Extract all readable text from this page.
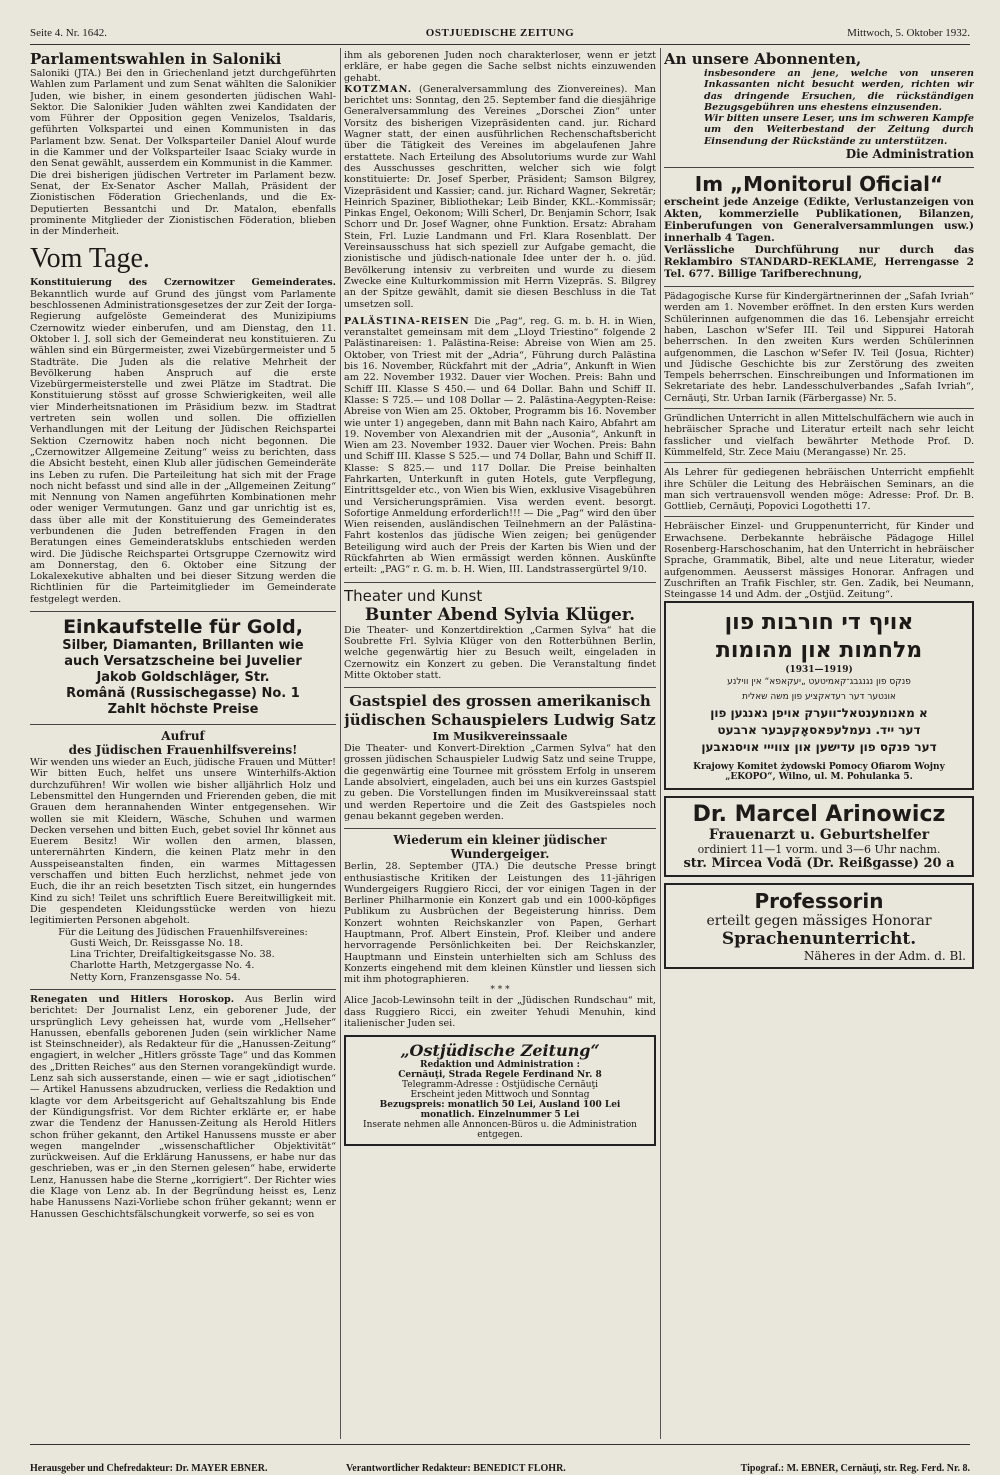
Seite 4. Nr. 1642.	OSTJUEDISCHE ZEITUNG	Mittwoch, 5. Oktober 1932.
Parlamentswahlen in Saloniki

Saloniki (JTA.) Bei den in Griechenland jetzt durchgeführten Wahlen zum Parlament und zum Senat wählten die Salonikier Juden, wie bisher, in einem gesonderten jüdischen Wahl-Sektor. Die Salonikier Juden wählten zwei Kandidaten der vom Führer der Opposition gegen Venizelos, Tsaldaris, geführten Volkspartei und einen Kommunisten in das Parlament bzw. Senat. Der Volksparteiler Daniel Alouf wurde in die Kammer und der Volksparteiler Isaac Sciaky wurde in den Senat gewählt, ausserdem ein Kommunist in die Kammer.

Die drei bisherigen jüdischen Vertreter im Parlament bezw. Senat, der Ex-Senator Ascher Mallah, Präsident der Zionistischen Föderation Griechenlands, und die Ex-Deputierten Bessantchi und Dr. Matalon, ebenfalls prominente Mitglieder der Zionistischen Föderation, blieben in der Minderheit.

Vom Tage.

Konstituierung des Czernowitzer Gemeinderates. Bekanntlich wurde auf Grund des jüngst vom Parlamente beschlossenen Administrationsgesetzes der zur Zeit der Iorga-Regierung aufgelöste Gemeinderat des Munizipiums Czernowitz wieder einberufen, und am Dienstag, den 11. Oktober l. J. soll sich der Gemeinderat neu konstituieren. Zu wählen sind ein Bürgermeister, zwei Vizebürgermeister und 5 Stadträte. Die Juden als die relative Mehrheit der Bevölkerung haben Anspruch auf die erste Vizebürgermeisterstelle und zwei Plätze im Stadtrat. Die Konstituierung stösst auf grosse Schwierigkeiten, weil alle vier Minderheitsnationen im Präsidium bezw. im Stadtrat vertreten sein wollen und sollen. Die offiziellen Verhandlungen mit der Leitung der Jüdischen Reichspartei Sektion Czernowitz haben noch nicht begonnen. Die „Czernowitzer Allgemeine Zeitung“ weiss zu berichten, dass die Absicht besteht, einen Klub aller jüdischen Gemeinderäte ins Leben zu rufen. Die Parteileitung hat sich mit der Frage noch nicht befasst und sind alle in der „Allgemeinen Zeitung“ mit Nennung von Namen angeführten Kombinationen mehr oder weniger Vermutungen. Ganz und gar unrichtig ist es, dass über alle mit der Konstituierung des Gemeinderates verbundenen die Juden betreffenden Fragen in den Beratungen eines Gemeinderatsklubs entschieden werden wird. Die Jüdische Reichspartei Ortsgruppe Czernowitz wird am Donnerstag, den 6. Oktober eine Sitzung der Lokalexekutive abhalten und bei dieser Sitzung werden die Richtlinien für die Parteimitglieder im Gemeinderate festgelegt werden.

Einkaufstelle für Gold,
Silber, Diamanten, Brillanten wie
auch Versatzscheine bei Juvelier
Jakob Goldschläger, Str.
Română (Russischegasse) No. 1
Zahlt höchste Preise
Aufruf
des Jüdischen Frauenhilfsvereins!

Wir wenden uns wieder an Euch, jüdische Frauen und Mütter! Wir bitten Euch, helfet uns unsere Winterhilfs-Aktion durchzuführen! Wir wollen wie bisher alljährlich Holz und Lebensmittel den Hungernden und Frierenden geben, die mit Grauen dem herannahenden Winter entgegensehen. Wir wollen sie mit Kleidern, Wäsche, Schuhen und warmen Decken versehen und bitten Euch, gebet soviel Ihr könnet aus Euerem Besitz! Wir wollen den armen, blassen, unterernährten Kindern, die keinen Platz mehr in den Ausspeiseanstalten finden, ein warmes Mittagessen verschaffen und bitten Euch herzlichst, nehmet jede von Euch, die ihr an reich besetzten Tisch sitzet, ein hungerndes Kind zu sich! Teilet uns schriftlich Euere Bereitwilligkeit mit. Die gespendeten Kleidungsstücke werden von hiezu legitimierten Personen abgeholt.

Für die Leitung des Jüdischen Frauenhilfsvereines:

Gusti Weich, Dr. Reissgasse No. 18.
Lina Trichter, Dreifaltigkeitsgasse No. 38.
Charlotte Harth, Metzgergasse No. 4.
Netty Korn, Franzensgasse No. 54.

Renegaten und Hitlers Horoskop. Aus Berlin wird berichtet: Der Journalist Lenz, ein geborener Jude, der ursprünglich Levy geheissen hat, wurde vom „Hellseher“ Hanussen, ebenfalls geborenen Juden (sein wirklicher Name ist Steinschneider), als Redakteur für die „Hanussen-Zeitung“ engagiert, in welcher „Hitlers grösste Tage“ und das Kommen des „Dritten Reiches“ aus den Sternen vorangekündigt wurde. Lenz sah sich ausserstande, einen — wie er sagt „idiotischen“ — Artikel Hanussens abzudrucken, verliess die Redaktion und klagte vor dem Arbeitsgericht auf Gehaltszahlung bis Ende der Kündigungsfrist. Vor dem Richter erklärte er, er habe zwar die Tendenz der Hanussen-Zeitung als Herold Hitlers schon früher gekannt, den Artikel Hanussens musste er aber wegen mangelnder „wissenschaftlicher Objektivität“ zurückweisen. Auf die Erklärung Hanussens, er habe nur das geschrieben, was er „in den Sternen gelesen“ habe, erwiderte Lenz, Hanussen habe die Sterne „korrigiert“. Der Richter wies die Klage von Lenz ab. In der Begründung heisst es, Lenz habe Hanussens Nazi-Vorliebe schon früher gekannt; wenn er Hanussen Geschichtsfälschungkeit vorwerfe, so sei es von

ihm als geborenen Juden noch charakterloser, wenn er jetzt erkläre, er habe gegen die Sache selbst nichts einzuwenden gehabt.

KOTZMAN. (Generalversammlung des Zionvereines). Man berichtet uns: Sonntag, den 25. September fand die diesjährige Generalversammlung des Vereines „Dorschei Zion“ unter Vorsitz des bisherigen Vizepräsidenten cand. jur. Richard Wagner statt, der einen ausführlichen Rechenschaftsbericht über die Tätigkeit des Vereines im abgelaufenen Jahre erstattete. Nach Erteilung des Absolutoriums wurde zur Wahl des Ausschusses geschritten, welcher sich wie folgt konstituierte: Dr. Josef Sperber, Präsident; Samson Bilgrey, Vizepräsident und Kassier; cand. jur. Richard Wagner, Sekretär; Heinrich Spaziner, Bibliothekar; Leib Binder, KKL.-Kommissär; Pinkas Engel, Oekonom; Willi Scherl, Dr. Benjamin Schorr, Isak Schorr und Dr. Josef Wagner, ohne Funktion. Ersatz: Abraham Stein, Frl. Luzie Landmann und Frl. Klara Rosenblatt. Der Vereinsausschuss hat sich speziell zur Aufgabe gemacht, die zionistische und jüdisch-nationale Idee unter der h. o. jüd. Bevölkerung intensiv zu verbreiten und wurde zu diesem Zwecke eine Kulturkommission mit Herrn Vizepräs. S. Bilgrey an der Spitze gewählt, damit sie diesen Beschluss in die Tat umsetzen soll.

PALÄSTINA-REISEN Die „Pag“, reg. G. m. b. H. in Wien, veranstaltet gemeinsam mit dem „Lloyd Triestino“ folgende 2 Palästinareisen: 1. Palästina-Reise: Abreise von Wien am 25. Oktober, von Triest mit der „Adria“, Führung durch Palästina bis 16. November, Rückfahrt mit der „Adria“, Ankunft in Wien am 22. November 1932. Dauer vier Wochen. Preis: Bahn und Schiff III. Klasse S 450.— und 64 Dollar. Bahn und Schiff II. Klasse: S 725.— und 108 Dollar — 2. Palästina-Aegypten-Reise: Abreise von Wien am 25. Oktober, Programm bis 16. November wie unter 1) angegeben, dann mit Bahn nach Kairo, Abfahrt am 19. November von Alexandrien mit der „Ausonia“, Ankunft in Wien am 23. November 1932. Dauer vier Wochen. Preis: Bahn und Schiff III. Klasse S 525.— und 74 Dollar, Bahn und Schiff II. Klasse: S 825.— und 117 Dollar. Die Preise beinhalten Fahrkarten, Unterkunft in guten Hotels, gute Verpflegung, Eintrittsgelder etc., von Wien bis Wien, exklusive Visagebühren und Versicherungsprämien. Visa werden event. besorgt. Sofortige Anmeldung erforderlich!!! — Die „Pag“ wird den über Wien reisenden, ausländischen Teilnehmern an der Palästina-Fahrt kostenlos das jüdische Wien zeigen; bei genügender Beteiligung wird auch der Preis der Karten bis Wien und der Rückfahrten ab Wien ermässigt werden können. Auskünfte erteilt: „PAG“ r. G. m. b. H. Wien, III. Landstrassergürtel 9/10.

Theater und Kunst
Bunter Abend Sylvia Klüger.

Die Theater- und Konzertdirektion „Carmen Sylva“ hat die Soubrette Frl. Sylvia Klüger von den Rotterbühnen Berlin, welche gegenwärtig hier zu Besuch weilt, eingeladen in Czernowitz ein Konzert zu geben. Die Veranstaltung findet Mitte Oktober statt.

Gastspiel des grossen amerikanisch jüdischen Schauspielers Ludwig Satz
Im Musikvereinssaale

Die Theater- und Konvert-Direktion „Carmen Sylva“ hat den grossen jüdischen Schauspieler Ludwig Satz und seine Truppe, die gegenwärtig eine Tournee mit grösstem Erfolg in unserem Lande absolviert, eingeladen, auch bei uns ein kurzes Gastspiel zu geben. Die Vorstellungen finden im Musikvereinssaal statt und werden Repertoire und die Zeit des Gastspieles noch genau bekannt gegeben werden.

Wiederum ein kleiner jüdischer Wundergeiger.

Berlin, 28. September (JTA.) Die deutsche Presse bringt enthusiastische Kritiken der Leistungen des 11-jährigen Wundergeigers Ruggiero Ricci, der vor einigen Tagen in der Berliner Philharmonie ein Konzert gab und ein 1000-köpfiges Publikum zu Ausbrüchen der Begeisterung hinriss. Dem Konzert wohnten Reichskanzler von Papen, Gerhart Hauptmann, Prof. Albert Einstein, Prof. Kleiber und andere hervorragende Persönlichkeiten bei. Der Reichskanzler, Hauptmann und Einstein unterhielten sich am Schluss des Konzerts eingehend mit dem kleinen Künstler und liessen sich mit ihm photographieren.

* * *

Alice Jacob-Lewinsohn teilt in der „Jüdischen Rundschau“ mit, dass Ruggiero Ricci, ein zweiter Yehudi Menuhin, kind italienischer Juden sei.

„Ostjüdische Zeitung“
Redaktion und Administration :
Cernăuţi, Strada Regele Ferdinand Nr. 8
Telegramm-Adresse : Ostjüdische Cernăuţi
Erscheint jeden Mittwoch und Sonntag
Bezugspreis: monatlich 50 Lei, Ausland 100 Lei
monatlich. Einzelnummer 5 Lei
Inserate nehmen alle Annoncen-Büros u. die Administration entgegen.
An unsere Abonnenten,

insbesondere an jene, welche von unseren Inkassanten nicht besucht werden, richten wir das dringende Ersuchen, die rückständigen Bezugsgebühren uns ehestens einzusenden.

Wir bitten unsere Leser, uns im schweren Kampfe um den Weiterbestand der Zeitung durch Einsendung der Rückstände zu unterstützen.

Die Administration
Im „Monitorul Oficial“

erscheint jede Anzeige (Edikte, Verlustanzeigen von Akten, kommerzielle Publikationen, Bilanzen, Einberufungen von Generalversammlungen usw.) innerhalb 4 Tagen.

Verlässliche Durchführung nur durch das Reklambiro STANDARD-REKLAME, Herrengasse 2 Tel. 677. Billige Tarifberechnung,

Pädagogische Kurse für Kindergärtnerinnen der „Safah Ivriah“ werden am 1. November eröffnet. In den ersten Kurs werden Schülerinnen aufgenommen die das 16. Lebensjahr erreicht haben, Laschon w'Sefer III. Teil und Sippurei Hatorah beherrschen. In den zweiten Kurs werden Schülerinnen aufgenommen, die Laschon w'Sefer IV. Teil (Josua, Richter) und Jüdische Geschichte bis zur Zerstörung des zweiten Tempels beherrschen. Einschreibungen und Informationen im Sekretariate des hebr. Landesschulverbandes „Safah Ivriah“, Cernăuţi, Str. Urban Iarnik (Färbergasse) Nr. 5.

Gründlichen Unterricht in allen Mittelschulfächern wie auch in hebräischer Sprache und Literatur erteilt nach sehr leicht fasslicher und vielfach bewährter Methode Prof. D. Kümmelfeld, Str. Zece Maiu (Merangasse) Nr. 25.

Als Lehrer für gediegenen hebräischen Unterricht empfiehlt ihre Schüler die Leitung des Hebräischen Seminars, an die man sich vertrauensvoll wenden möge: Adresse: Prof. Dr. B. Gottlieb, Cernăuţi, Popovici Logothetti 17.

Hebräischer Einzel- und Gruppenunterricht, für Kinder und Erwachsene. Derbekannte hebräische Pädagoge Hillel Rosenberg-Harschoschanim, hat den Unterricht in hebräischer Sprache, Grammatik, Bibel, alte und neue Literatur, wieder aufgenommen. Aeusserst mässiges Honorar. Anfragen und Zuschriften an Trafik Fischler, str. Gen. Zadik, bei Neumann, Steingasse 14 und Adm. der „Ostjüd. Zeitung“.

אויף די חורבות פון
מלחמות און מהומות
(1931—1919)
פנקס פון נגנגבג־קאמיטעט „יעקאפא“ אין ווילנע
אונטער דער רעדאקציע פון משה שאלית
א מאנומענטאל־ווערק אויפן גאנגען פון
דער ייד. נעמלעפאסאָקעבער ארבעט
דער פנקס פון עדישען און צווייי אויסגאבען
Krajowy Komitet żydowski Pomocy Ofiarom Wojny „EKOPO“, Wilno, ul. M. Pohulanka 5.
Dr. Marcel Arinowicz
Frauenarzt u. Geburtshelfer
ordiniert 11—1 vorm. und 3—6 Uhr nachm.
str. Mircea Vodă (Dr. Reißgasse) 20 a
Professorin
erteilt gegen mässiges Honorar
Sprachenunterricht.
Näheres in der Adm. d. Bl.
Herausgeber und Chefredakteur: Dr. MAYER EBNER.	Verantwortlicher Redakteur: BENEDICT FLOHR.	Tipograf.: M. EBNER, Cernăuţi, str. Reg. Ferd. Nr. 8.
